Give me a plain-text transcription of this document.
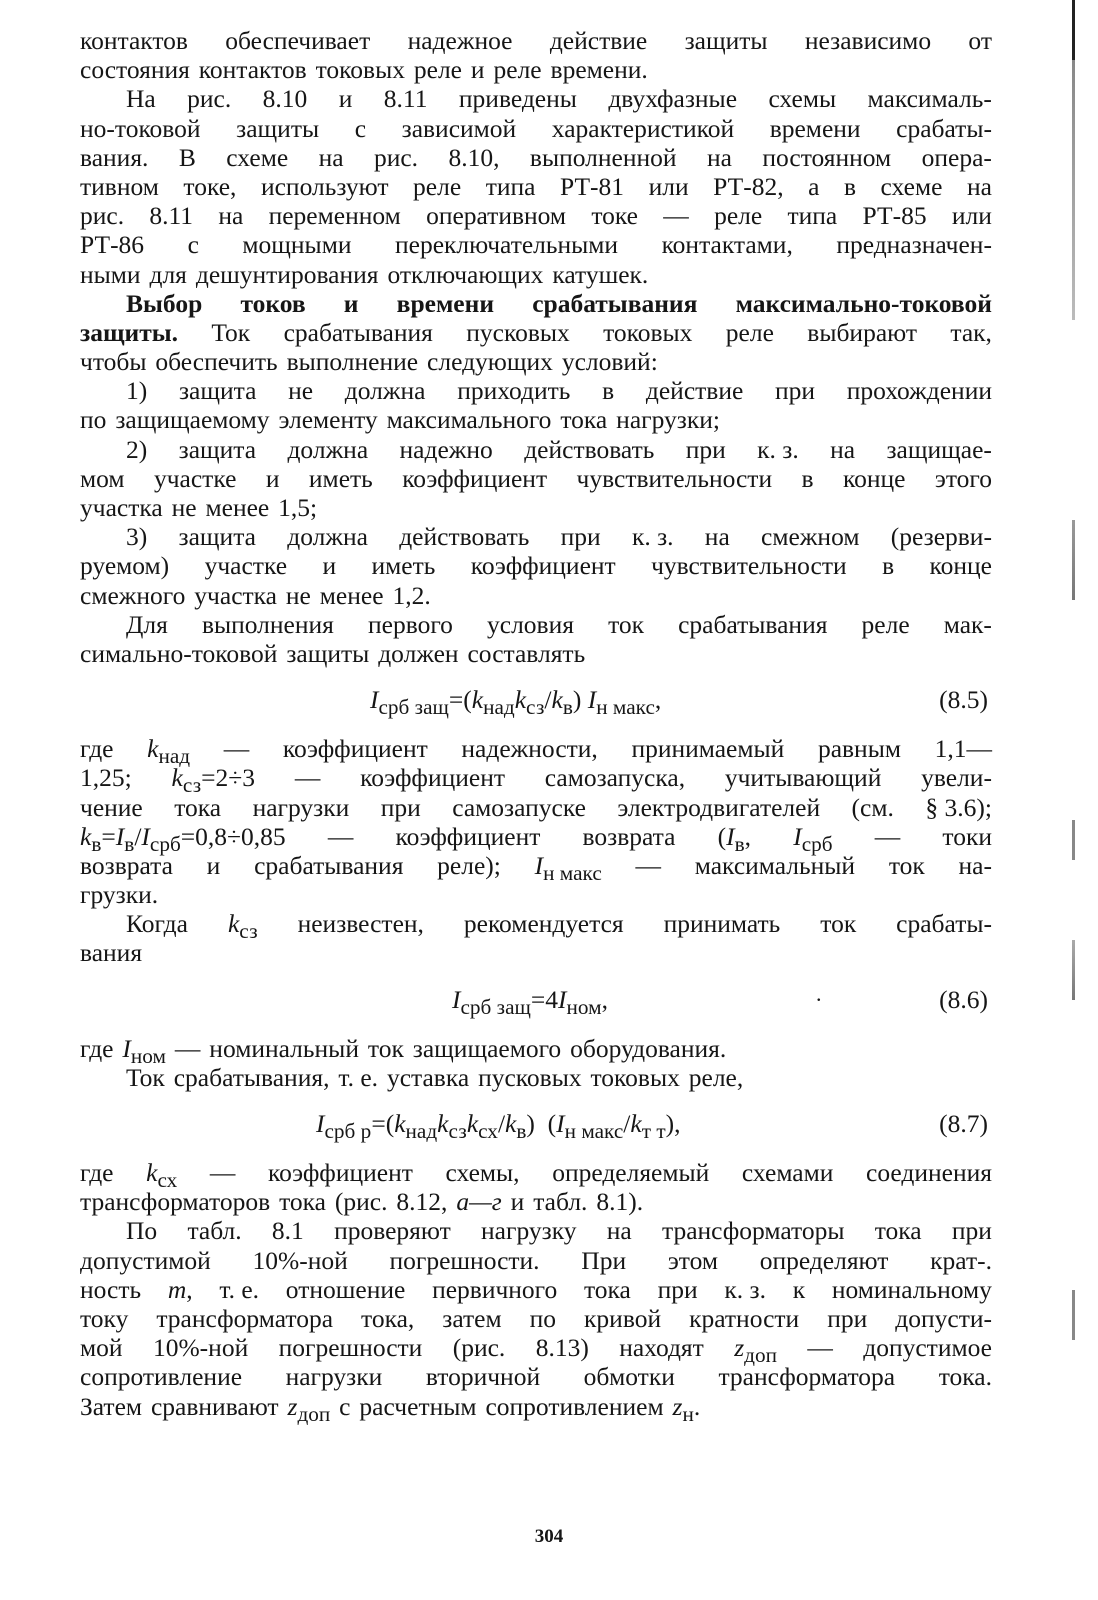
контактов обеспечивает надежное действие защиты независимо от
состояния контактов токовых реле и реле времени.
На рис. 8.10 и 8.11 приведены двухфазные схемы максималь-
но-токовой защиты с зависимой характеристикой времени срабаты-
вания. В схеме на рис. 8.10, выполненной на постоянном опера-
тивном токе, используют реле типа РТ-81 или РТ-82, а в схеме на
рис. 8.11 на переменном оперативном токе — реле типа РТ-85 или
РТ-86 с мощными переключательными контактами, предназначен-
ными для дешунтирования отключающих катушек.
Выбор токов и времени срабатывания максимально-токовой
защиты. Ток срабатывания пусковых токовых реле выбирают так,
чтобы обеспечить выполнение следующих условий:
1) защита не должна приходить в действие при прохождении
по защищаемому элементу максимального тока нагрузки;
2) защита должна надежно действовать при к. з. на защищае-
мом участке и иметь коэффициент чувствительности в конце этого
участка не менее 1,5;
3) защита должна действовать при к. з. на смежном (резерви-
руемом) участке и иметь коэффициент чувствительности в конце
смежного участка не менее 1,2.
Для выполнения первого условия ток срабатывания реле мак-
симально-токовой защиты должен составлять
$I_{срб защ}=(k_{над}k_{сз}/k_в)$ $I_{н макс}$,	(8.5)
где $k_{над}$ — коэффициент надежности, принимаемый равным 1,1—
1,25; $k_{сз}=2\div 3$ — коэффициент самозапуска, учитывающий увели-
чение тока нагрузки при самозапуске электродвигателей (см. § 3.6);
$k_в=I_в/I_{срб}=0,8\div 0,85$ — коэффициент возврата ($I_в$, $I_{срб}$ — токи
возврата и срабатывания реле); $I_{н макс}$ — максимальный ток на-
грузки.
Когда $k_{сз}$ неизвестен, рекомендуется принимать ток срабаты-
вания
$I_{срб защ}=4I_{ном}$,	.	(8.6)
где $I_{ном}$ — номинальный ток защищаемого оборудования.
Ток срабатывания, т. е. уставка пусковых токовых реле,
$I_{срб р}=(k_{над}k_{сз}k_{сх}/k_в)$  $(I_{н макс}/k_{т т})$,	(8.7)
где $k_{сх}$ — коэффициент схемы, определяемый схемами соединения
трансформаторов тока (рис. 8.12, а—г и табл. 8.1).
По табл. 8.1 проверяют нагрузку на трансформаторы тока при
допустимой 10%-ной погрешности. При этом определяют крат-.
ность m, т. е. отношение первичного тока при к. з. к номинальному
току трансформатора тока, затем по кривой кратности при допусти-
мой 10%-ной погрешности (рис. 8.13) находят $z_{доп}$ — допустимое
сопротивление нагрузки вторичной обмотки трансформатора тока.
Затем сравнивают $z_{доп}$ с расчетным сопротивлением $z_н$.
304
